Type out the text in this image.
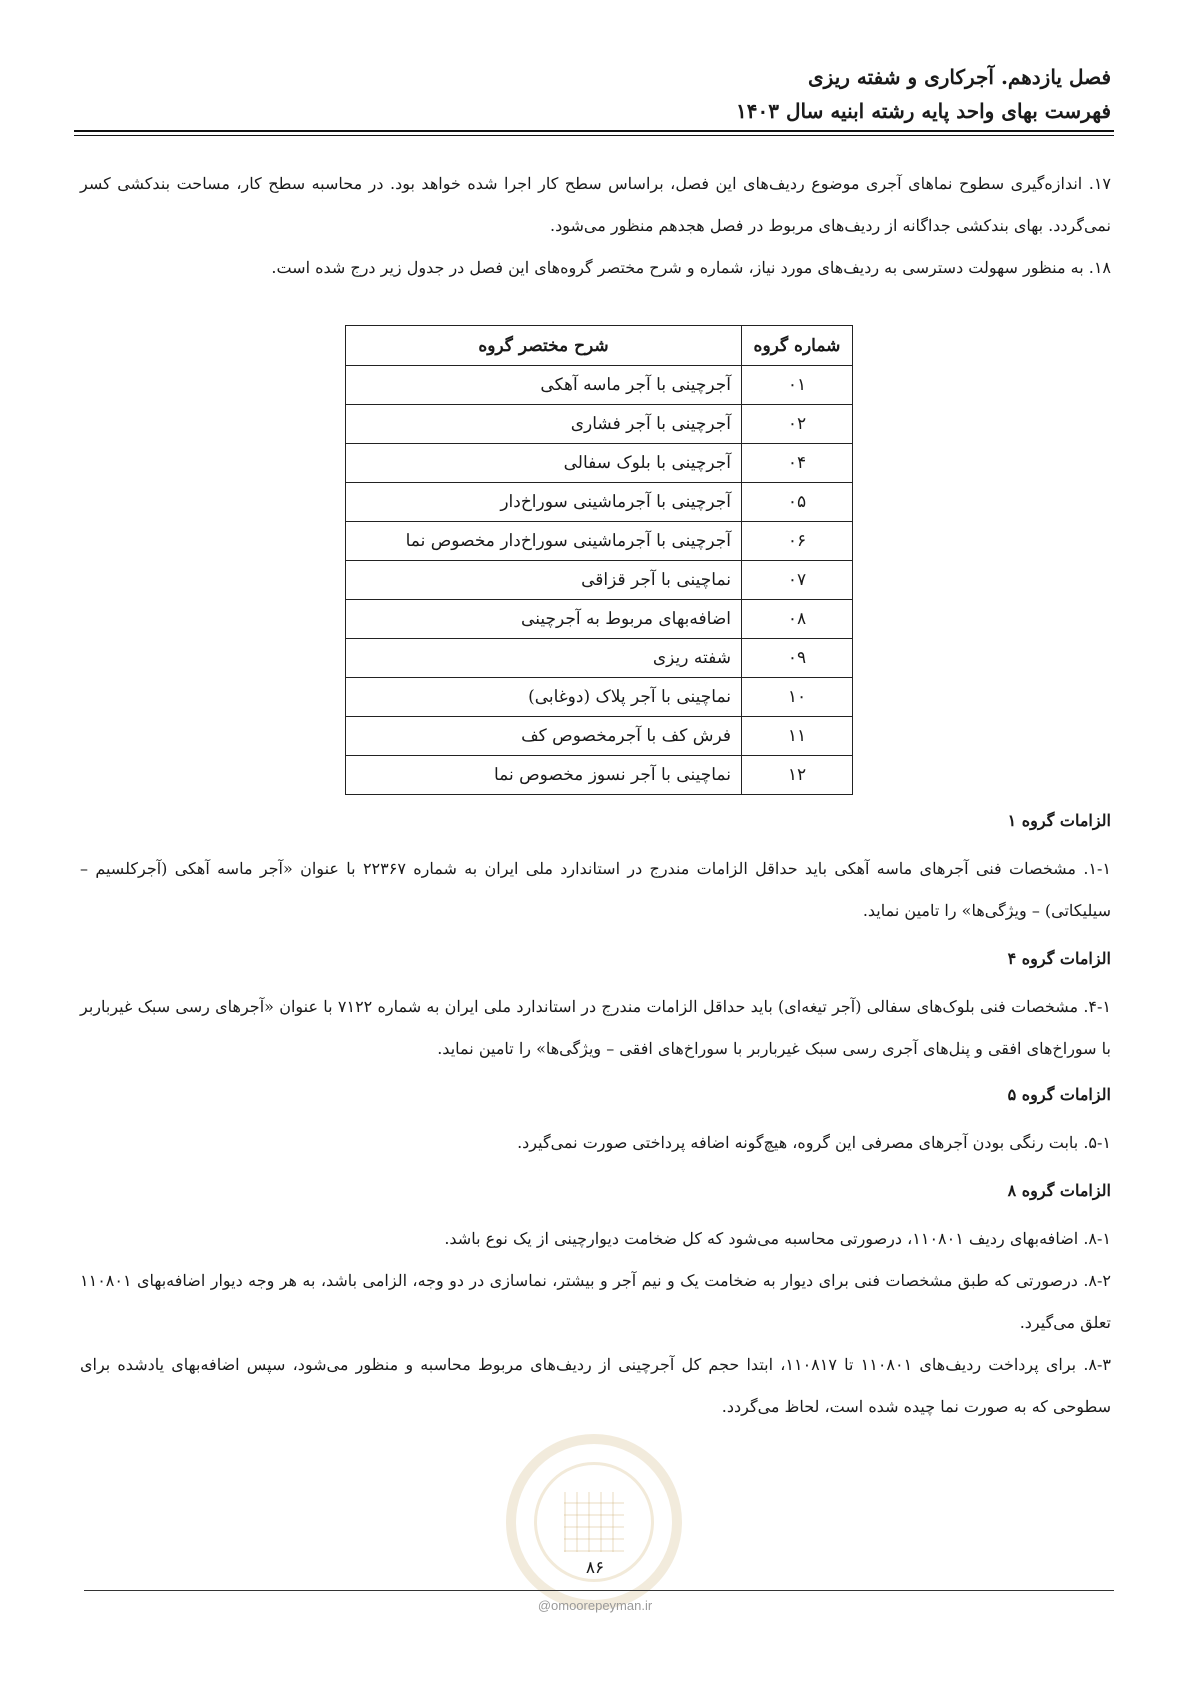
فصل یازدهم. آجرکاری و شفته ریزی
فهرست بهای واحد پایه رشته ابنیه سال ۱۴۰۳

۱۷. اندازه‌گیری سطوح نماهای آجری موضوع ردیف‌های این فصل، براساس سطح کار اجرا شده خواهد بود. در محاسبه سطح کار، مساحت بندکشی کسر نمی‌گردد. بهای بندکشی جداگانه از ردیف‌های مربوط در فصل هجدهم منظور می‌شود.

۱۸. به منظور سهولت دسترسی به ردیف‌های مورد نیاز، شماره و شرح مختصر گروه‌های این فصل در جدول زیر درج شده است.

شماره گروه	شرح مختصر گروه
۰۱	آجرچینی با آجر ماسه آهکی
۰۲	آجرچینی با آجر فشاری
۰۴	آجرچینی با بلوک سفالی
۰۵	آجرچینی با آجرماشینی سوراخ‌دار
۰۶	آجرچینی با آجرماشینی سوراخ‌دار مخصوص نما
۰۷	نماچینی با آجر قزاقی
۰۸	اضافه‌بهای مربوط به آجرچینی
۰۹	شفته ریزی
۱۰	نماچینی با آجر پلاک (دوغابی)
۱۱	فرش کف با آجرمخصوص کف
۱۲	نماچینی با آجر نسوز مخصوص نما
الزامات گروه ۱

۱-۱. مشخصات فنی آجرهای ماسه آهکی باید حداقل الزامات مندرج در استاندارد ملی ایران به شماره ۲۲۳۶۷ با عنوان «آجر ماسه آهکی (آجرکلسیم – سیلیکاتی) – ویژگی‌ها» را تامین نماید.

الزامات گروه ۴

۴-۱. مشخصات فنی بلوک‌های سفالی (آجر تیغه‌ای) باید حداقل الزامات مندرج در استاندارد ملی ایران به شماره ۷۱۲۲ با عنوان «آجرهای رسی سبک غیرباربر با سوراخ‌های افقی و پنل‌های آجری رسی سبک غیرباربر با سوراخ‌های افقی – ویژگی‌ها» را تامین نماید.

الزامات گروه ۵

۵-۱. بابت رنگی بودن آجرهای مصرفی این گروه، هیچ‌گونه اضافه پرداختی صورت نمی‌گیرد.

الزامات گروه ۸

۸-۱. اضافه‌بهای ردیف ۱۱۰۸۰۱، درصورتی محاسبه می‌شود که کل ضخامت دیوارچینی از یک نوع باشد.

۸-۲. درصورتی که طبق مشخصات فنی برای دیوار به ضخامت یک و نیم آجر و بیشتر، نماسازی در دو وجه، الزامی باشد، به هر وجه دیوار اضافه‌بهای ۱۱۰۸۰۱ تعلق می‌گیرد.

۸-۳. برای پرداخت ردیف‌های ۱۱۰۸۰۱ تا ۱۱۰۸۱۷، ابتدا حجم کل آجرچینی از ردیف‌های مربوط محاسبه و منظور می‌شود، سپس اضافه‌بهای یادشده برای سطوحی که به صورت نما چیده شده است، لحاظ می‌گردد.

۸۶
@omoorepeyman.ir
